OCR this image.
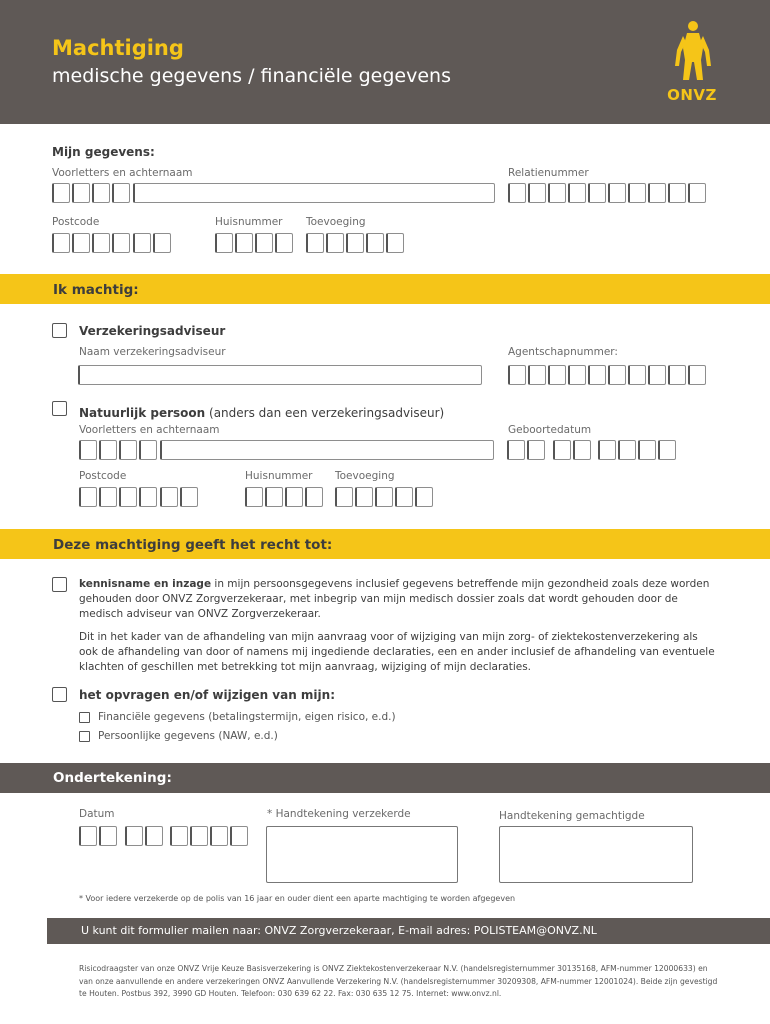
Machtiging
medische gegevens / financiële gegevens
ONVZ
Mijn gegevens:
Voorletters en achternaam	Relatienummer
Postcode	Huisnummer Toevoeging
Ik machtig:
Verzekeringsadviseur
Naam verzekeringsadviseur	Agentschapnummer:
Natuurlijk persoon (anders dan een verzekeringsadviseur)
Voorletters en achternaam	Geboortedatum
Postcode	Huisnummer Toevoeging
Deze machtiging geeft het recht tot:
kennisname en inzage in mijn persoonsgegevens inclusief gegevens betreffende mijn gezondheid zoals deze worden gehouden door ONVZ Zorgverzekeraar, met inbegrip van mijn medisch dossier zoals dat wordt gehouden door de medisch adviseur van ONVZ Zorgverzekeraar.
Dit in het kader van de afhandeling van mijn aanvraag voor of wijziging van mijn zorg- of ziektekostenverzekering als ook de afhandeling van door of namens mij ingediende declaraties, een en ander inclusief de afhandeling van eventuele klachten of geschillen met betrekking tot mijn aanvraag, wijziging of mijn declaraties.
het opvragen en/of wijzigen van mijn:
Financiële gegevens (betalingstermijn, eigen risico, e.d.)
Persoonlijke gegevens (NAW, e.d.)
Ondertekening:
Datum	* Handtekening verzekerde	Handtekening gemachtigde
* Voor iedere verzekerde op de polis van 16 jaar en ouder dient een aparte machtiging te worden afgegeven
U kunt dit formulier mailen naar: ONVZ Zorgverzekeraar, E-mail adres: POLISTEAM@ONVZ.NL
Risicodraagster van onze ONVZ Vrije Keuze Basisverzekering is ONVZ Ziektekostenverzekeraar N.V. (handelsregisternummer 30135168, AFM-nummer 12000633) en van onze aanvullende en andere verzekeringen ONVZ Aanvullende Verzekering N.V. (handelsregisternummer 30209308, AFM-nummer 12001024). Beide zijn gevestigd te Houten. Postbus 392, 3990 GD Houten. Telefoon: 030 639 62 22. Fax: 030 635 12 75. Internet: www.onvz.nl.
